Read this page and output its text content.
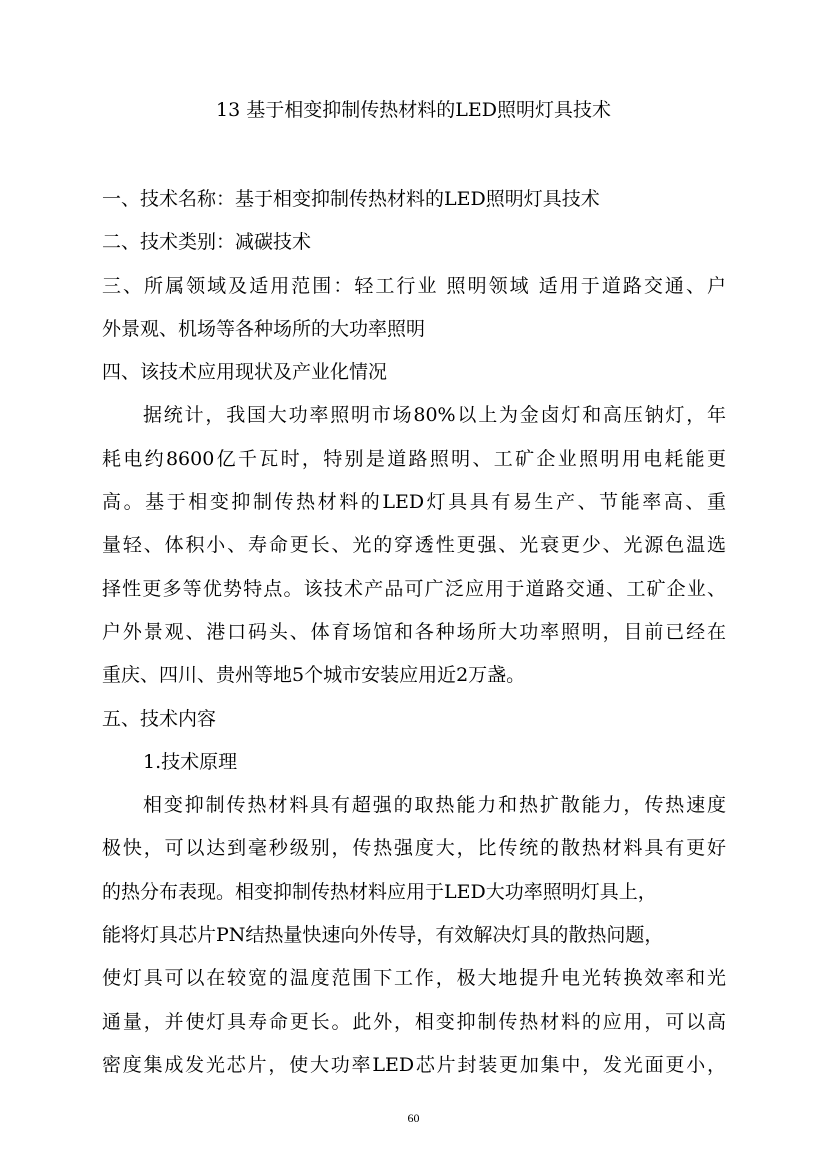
13 基于相变抑制传热材料的LED照明灯具技术
一、技术名称：基于相变抑制传热材料的LED照明灯具技术
二、技术类别：减碳技术
三、所属领域及适用范围：轻工行业 照明领域 适用于道路交通、户
外景观、机场等各种场所的大功率照明
四、该技术应用现状及产业化情况
据统计，我国大功率照明市场80%以上为金卤灯和高压钠灯，年
耗电约8600亿千瓦时，特别是道路照明、工矿企业照明用电耗能更
高。基于相变抑制传热材料的LED灯具具有易生产、节能率高、重
量轻、体积小、寿命更长、光的穿透性更强、光衰更少、光源色温选
择性更多等优势特点。该技术产品可广泛应用于道路交通、工矿企业、
户外景观、港口码头、体育场馆和各种场所大功率照明，目前已经在
重庆、四川、贵州等地5个城市安装应用近2万盏。
五、技术内容
1.技术原理
相变抑制传热材料具有超强的取热能力和热扩散能力，传热速度
极快，可以达到毫秒级别，传热强度大，比传统的散热材料具有更好
的热分布表现。相变抑制传热材料应用于LED大功率照明灯具上，
能将灯具芯片PN结热量快速向外传导，有效解决灯具的散热问题，
使灯具可以在较宽的温度范围下工作，极大地提升电光转换效率和光
通量，并使灯具寿命更长。此外，相变抑制传热材料的应用，可以高
密度集成发光芯片，使大功率LED芯片封装更加集中，发光面更小，
60
